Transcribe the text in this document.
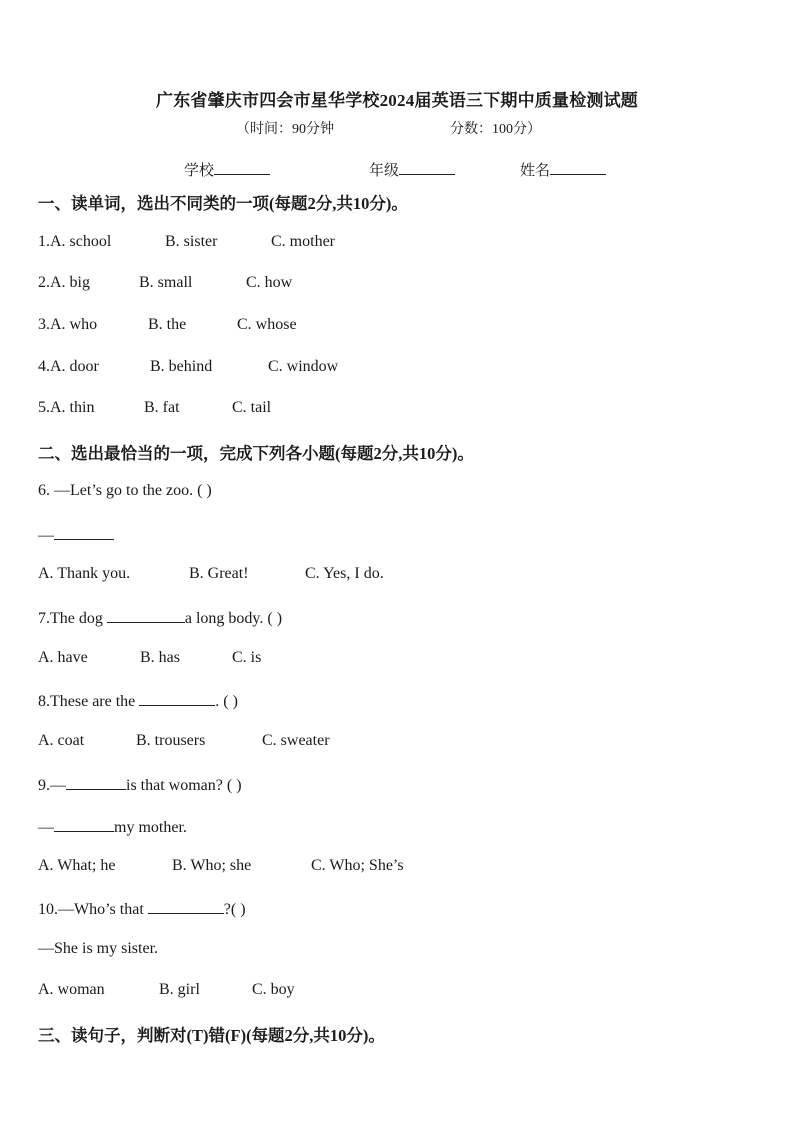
广东省肇庆市四会市星华学校2024届英语三下期中质量检测试题
（时间：90分钟	分数：100分）
学校	年级	姓名
一、读单词，选出不同类的一项(每题2分,共10分)。
1.A. school	B. sister	C. mother
2.A. big	B. small	C. how
3.A. who	B. the	C. whose
4.A. door	B. behind	C. window
5.A. thin	B. fat	C. tail
二、选出最恰当的一项，完成下列各小题(每题2分,共10分)。
6. —Let’s go to the zoo. ( )
—
A. Thank you.	B. Great!	C. Yes, I do.
7.The dog	a long body. ( )
A. have	B. has	C. is
8.These are the	. ( )
A. coat	B. trousers	C. sweater
9.—	is that woman? ( )
—	my mother.
A. What; he	B. Who; she	C. Who; She’s
10.—Who’s that	?( )
—She is my sister.
A. woman	B. girl	C. boy
三、读句子，判断对(T)错(F)(每题2分,共10分)。
